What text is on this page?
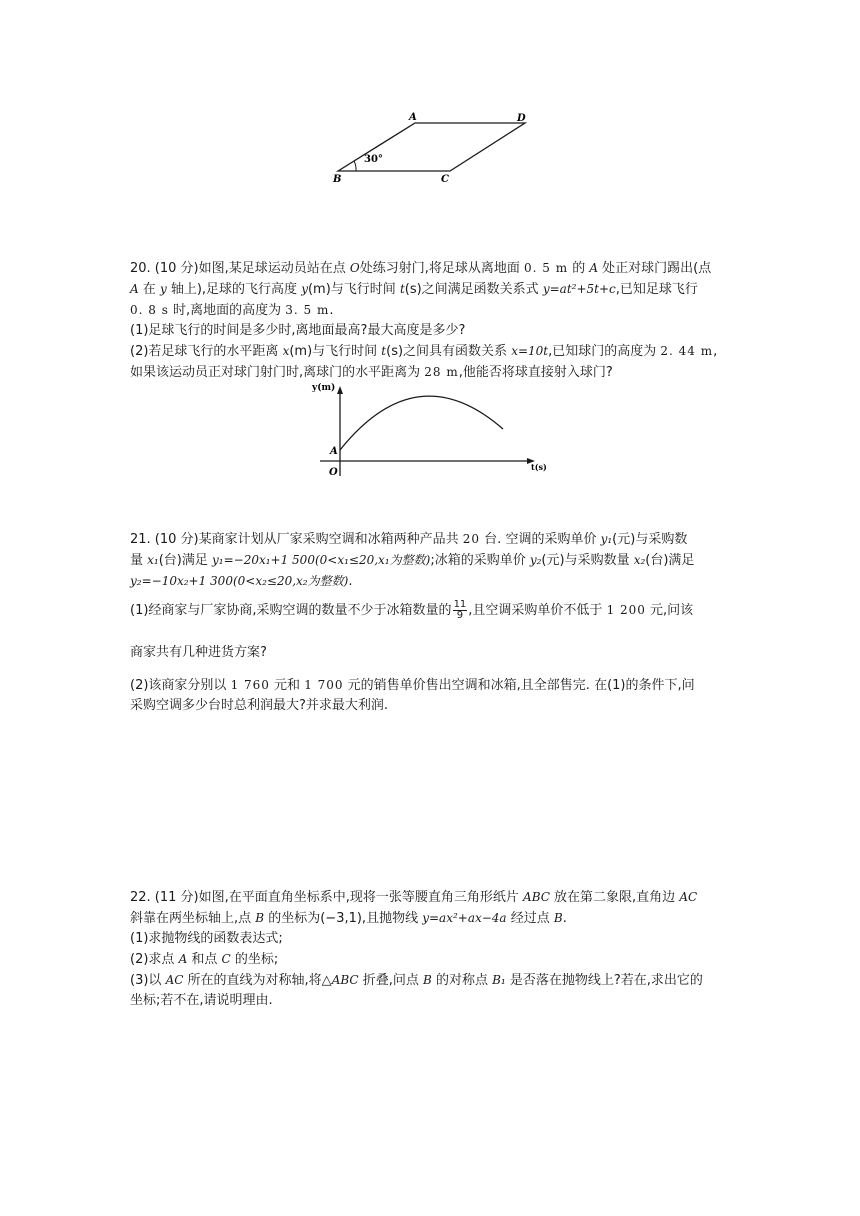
30°
A	D
B	C

20. (10 分)如图,某足球运动员站在点 O处练习射门,将足球从离地面 0. 5 m 的 A 处正对球门踢出(点

A 在 y 轴上),足球的飞行高度 y(m)与飞行时间 t(s)之间满足函数关系式 y=at²+5t+c,已知足球飞行

0. 8 s 时,离地面的高度为 3. 5 m.

(1)足球飞行的时间是多少时,离地面最高?最大高度是多少?

(2)若足球飞行的水平距离 x(m)与飞行时间 t(s)之间具有函数关系 x=10t,已知球门的高度为 2. 44 m,

如果该运动员正对球门射门时,离球门的水平距离为 28 m,他能否将球直接射入球门?

y(m)
t(s)
A
O

21. (10 分)某商家计划从厂家采购空调和冰箱两种产品共 20 台. 空调的采购单价 y₁(元)与采购数

量 x₁(台)满足 y₁=−20x₁+1 500(0<x₁≤20,x₁为整数);冰箱的采购单价 y₂(元)与采购数量 x₂(台)满足

y₂=−10x₂+1 300(0<x₂≤20,x₂为整数).

(1)经商家与厂家协商,采购空调的数量不少于冰箱数量的 $\frac{11}{9}$ ,且空调采购单价不低于 1 200 元,问该

商家共有几种进货方案?

(2)该商家分别以 1 760 元和 1 700 元的销售单价售出空调和冰箱,且全部售完. 在(1)的条件下,问

采购空调多少台时总利润最大?并求最大利润.

22. (11 分)如图,在平面直角坐标系中,现将一张等腰直角三角形纸片 ABC 放在第二象限,直角边 AC

斜靠在两坐标轴上,点 B 的坐标为(−3,1),且抛物线 y=ax²+ax−4a 经过点 B.

(1)求抛物线的函数表达式;

(2)求点 A 和点 C 的坐标;

(3)以 AC 所在的直线为对称轴,将△ABC 折叠,问点 B 的对称点 B₁ 是否落在抛物线上?若在,求出它的

坐标;若不在,请说明理由.
